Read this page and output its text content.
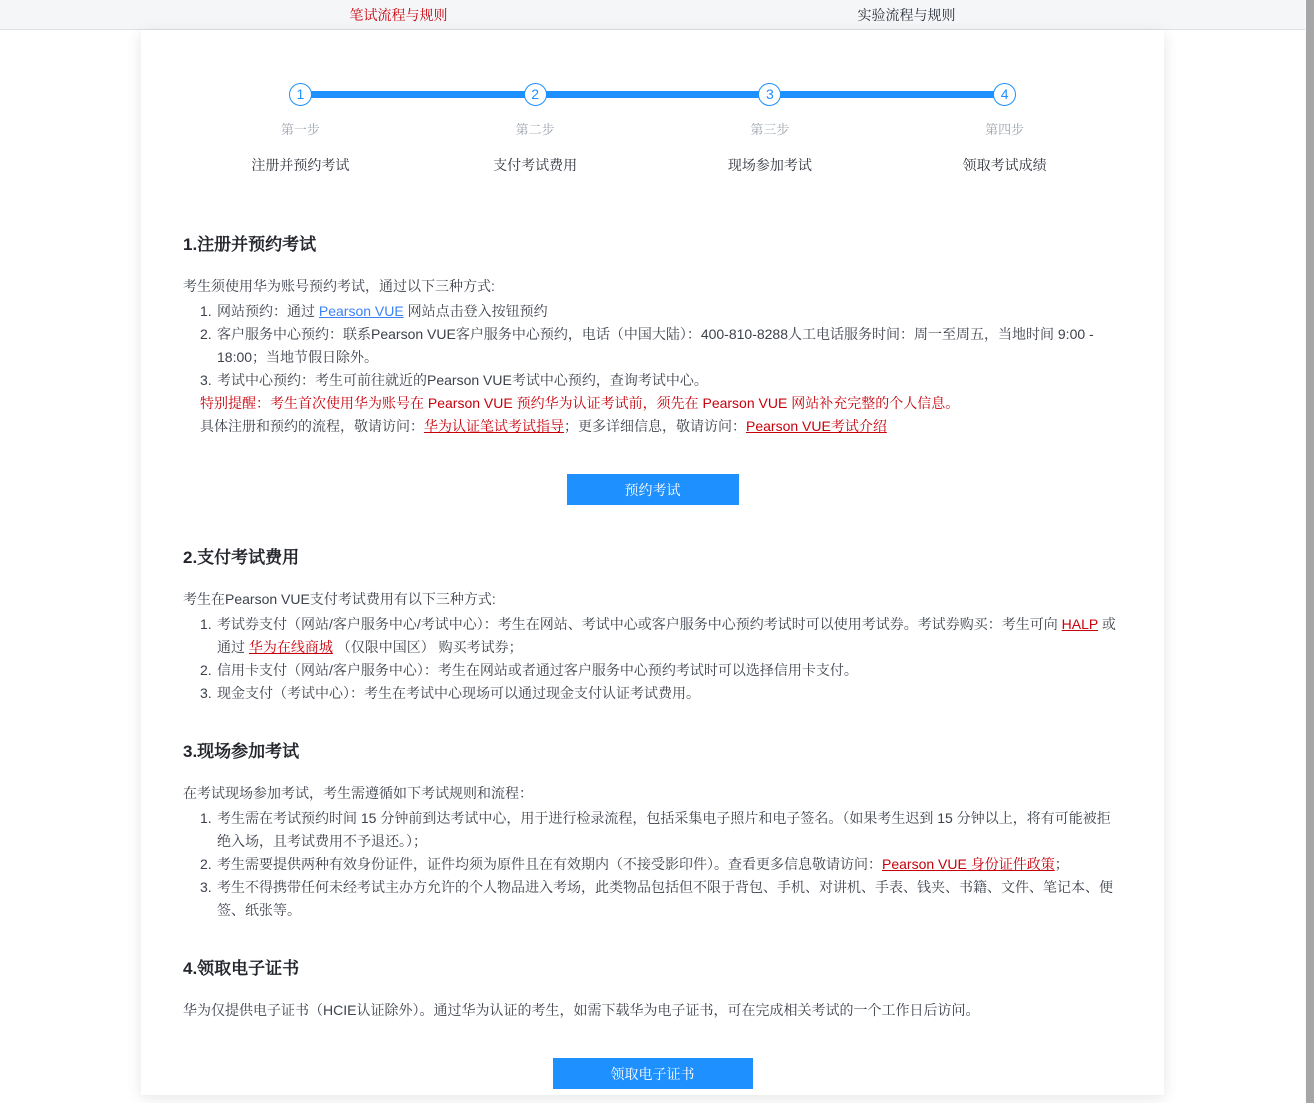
笔试流程与规则	实验流程与规则
1	2	3	4
第一步	第二步	第三步	第四步
注册并预约考试	支付考试费用	现场参加考试	领取考试成绩
1.注册并预约考试

考生须使用华为账号预约考试，通过以下三种方式:

1. 网站预约：通过 Pearson VUE 网站点击登入按钮预约
2. 客户服务中心预约：联系Pearson VUE客户服务中心预约，电话（中国大陆）：400-810-8288人工电话服务时间：周一至周五，当地时间 9:00 - 18:00；当地节假日除外。
3. 考试中心预约：考生可前往就近的Pearson VUE考试中心预约，查询考试中心。
特别提醒：考生首次使用华为账号在 Pearson VUE 预约华为认证考试前，须先在 Pearson VUE 网站补充完整的个人信息。
具体注册和预约的流程，敬请访问：华为认证笔试考试指导；更多详细信息，敬请访问：Pearson VUE考试介绍
预约考试
2.支付考试费用

考生在Pearson VUE支付考试费用有以下三种方式:

1. 考试券支付（网站/客户服务中心/考试中心）：考生在网站、考试中心或客户服务中心预约考试时可以使用考试券。考试券购买：考生可向 HALP 或通过 华为在线商城 （仅限中国区） 购买考试券；
2. 信用卡支付（网站/客户服务中心）：考生在网站或者通过客户服务中心预约考试时可以选择信用卡支付。
3. 现金支付（考试中心）：考生在考试中心现场可以通过现金支付认证考试费用。
3.现场参加考试

在考试现场参加考试，考生需遵循如下考试规则和流程：

1. 考生需在考试预约时间 15 分钟前到达考试中心，用于进行检录流程，包括采集电子照片和电子签名。（如果考生迟到 15 分钟以上，将有可能被拒绝入场，且考试费用不予退还。）；
2. 考生需要提供两种有效身份证件，证件均须为原件且在有效期内（不接受影印件）。查看更多信息敬请访问：Pearson VUE 身份证件政策；
3. 考生不得携带任何未经考试主办方允许的个人物品进入考场，此类物品包括但不限于背包、手机、对讲机、手表、钱夹、书籍、文件、笔记本、便签、纸张等。
4.领取电子证书

华为仅提供电子证书（HCIE认证除外）。通过华为认证的考生，如需下载华为电子证书，可在完成相关考试的一个工作日后访问。

领取电子证书
